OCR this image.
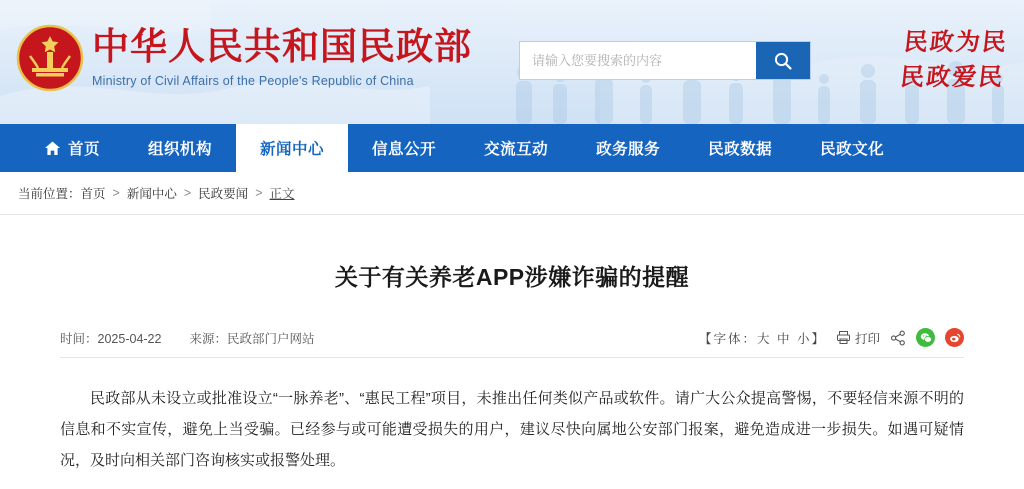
中华人民共和国民政部
Ministry of Civil Affairs of the People's Republic of China
请输入您要搜索的内容
民政为民
民政爱民
首页	组织机构	新闻中心	信息公开	交流互动	政务服务	民政数据	民政文化
当前位置： 首页 > 新闻中心 > 民政要闻 > 正文
关于有关养老APP涉嫌诈骗的提醒
时间：2025-04-22 来源：民政部门户网站	【字体：大 中 小】 打印

民政部从未设立或批准设立“一脉养老”、“惠民工程”项目，未推出任何类似产品或软件。请广大公众提高警惕，不要轻信来源不明的信息和不实宣传，避免上当受骗。已经参与或可能遭受损失的用户，建议尽快向属地公安部门报案，避免造成进一步损失。如遇可疑情况，及时向相关部门咨询核实或报警处理。
